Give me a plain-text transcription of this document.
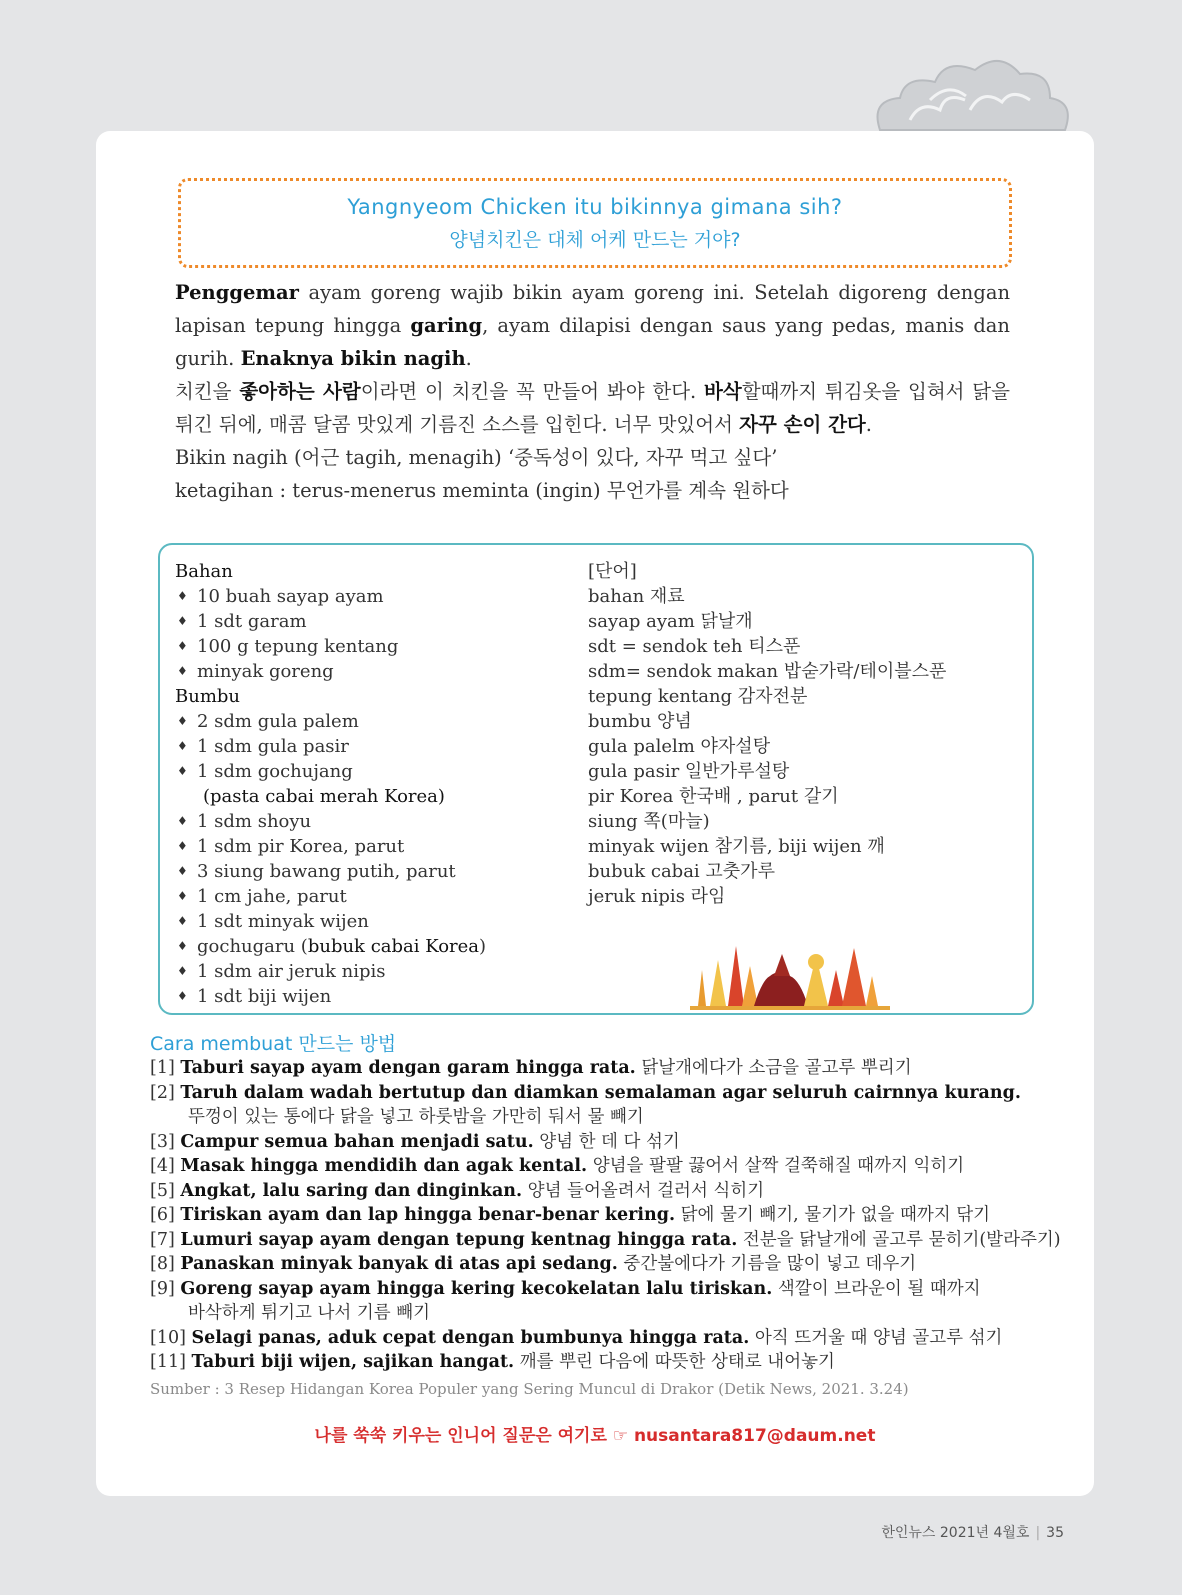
Yangnyeom Chicken itu bikinnya gimana sih?
양념치킨은 대체 어케 만드는 거야?

Penggemar ayam goreng wajib bikin ayam goreng ini. Setelah digoreng dengan lapisan tepung hingga garing, ayam dilapisi dengan saus yang pedas, manis dan gurih. Enaknya bikin nagih.

치킨을 좋아하는 사람이라면 이 치킨을 꼭 만들어 봐야 한다. 바삭할때까지 튀김옷을 입혀서 닭을 튀긴 뒤에, 매콤 달콤 맛있게 기름진 소스를 입힌다. 너무 맛있어서 자꾸 손이 간다.

Bikin nagih (어근 tagih, menagih) ‘중독성이 있다, 자꾸 먹고 싶다’

ketagihan : terus-menerus meminta (ingin) 무언가를 계속 원하다

Bahan
♦ 10 buah sayap ayam
♦ 1 sdt garam
♦ 100 g tepung kentang
♦ minyak goreng
Bumbu
♦ 2 sdm gula palem
♦ 1 sdm gula pasir
♦ 1 sdm gochujang
(pasta cabai merah Korea)
♦ 1 sdm shoyu
♦ 1 sdm pir Korea, parut
♦ 3 siung bawang putih, parut
♦ 1 cm jahe, parut
♦ 1 sdt minyak wijen
♦ gochugaru (bubuk cabai Korea)
♦ 1 sdm air jeruk nipis
♦ 1 sdt biji wijen
[단어]
bahan 재료
sayap ayam 닭날개
sdt = sendok teh 티스푼
sdm= sendok makan 밥숟가락/테이블스푼
tepung kentang 감자전분
bumbu 양념
gula palelm 야자설탕
gula pasir 일반가루설탕
pir Korea 한국배 , parut 갈기
siung 쪽(마늘)
minyak wijen 참기름, biji wijen 깨
bubuk cabai 고춧가루
jeruk nipis 라임
Cara membuat 만드는 방법
[1] Taburi sayap ayam dengan garam hingga rata. 닭날개에다가 소금을 골고루 뿌리기
[2] Taruh dalam wadah bertutup dan diamkan semalaman agar seluruh cairnnya kurang.
뚜껑이 있는 통에다 닭을 넣고 하룻밤을 가만히 둬서 물 빼기
[3] Campur semua bahan menjadi satu. 양념 한 데 다 섞기
[4] Masak hingga mendidih dan agak kental. 양념을 팔팔 끓어서 살짝 걸쭉해질 때까지 익히기
[5] Angkat, lalu saring dan dinginkan. 양념 들어올려서 걸러서 식히기
[6] Tiriskan ayam dan lap hingga benar-benar kering. 닭에 물기 빼기, 물기가 없을 때까지 닦기
[7] Lumuri sayap ayam dengan tepung kentnag hingga rata. 전분을 닭날개에 골고루 묻히기(발라주기)
[8] Panaskan minyak banyak di atas api sedang. 중간불에다가 기름을 많이 넣고 데우기
[9] Goreng sayap ayam hingga kering kecokelatan lalu tiriskan. 색깔이 브라운이 될 때까지
바삭하게 튀기고 나서 기름 빼기
[10] Selagi panas, aduk cepat dengan bumbunya hingga rata. 아직 뜨거울 때 양념 골고루 섞기
[11] Taburi biji wijen, sajikan hangat. 깨를 뿌린 다음에 따뜻한 상태로 내어놓기
Sumber : 3 Resep Hidangan Korea Populer yang Sering Muncul di Drakor (Detik News, 2021. 3.24)
나를 쑥쑥 키우는 인니어 질문은 여기로 ☞ nusantara817@daum.net
한인뉴스 2021년 4월호 | 35
